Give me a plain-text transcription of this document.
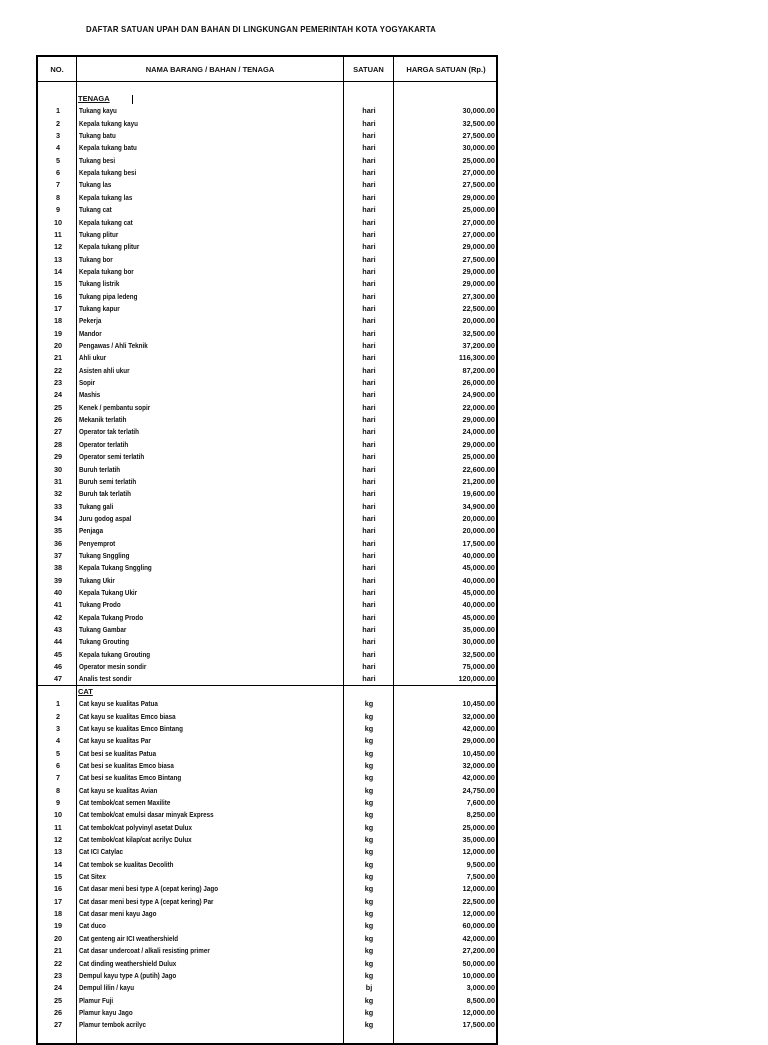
DAFTAR SATUAN UPAH DAN BAHAN DI LINGKUNGAN PEMERINTAH KOTA YOGYAKARTA
NO.	NAMA BARANG / BAHAN / TENAGA	SATUAN	HARGA SATUAN (Rp.)
TENAGA
1	Tukang kayu	hari	30,000.00
2	Kepala tukang kayu	hari	32,500.00
3	Tukang batu	hari	27,500.00
4	Kepala tukang batu	hari	30,000.00
5	Tukang besi	hari	25,000.00
6	Kepala tukang besi	hari	27,000.00
7	Tukang las	hari	27,500.00
8	Kepala tukang las	hari	29,000.00
9	Tukang cat	hari	25,000.00
10	Kepala tukang cat	hari	27,000.00
11	Tukang plitur	hari	27,000.00
12	Kepala tukang plitur	hari	29,000.00
13	Tukang bor	hari	27,500.00
14	Kepala tukang bor	hari	29,000.00
15	Tukang listrik	hari	29,000.00
16	Tukang pipa ledeng	hari	27,300.00
17	Tukang kapur	hari	22,500.00
18	Pekerja	hari	20,000.00
19	Mandor	hari	32,500.00
20	Pengawas / Ahli Teknik	hari	37,200.00
21	Ahli ukur	hari	116,300.00
22	Asisten ahli ukur	hari	87,200.00
23	Sopir	hari	26,000.00
24	Mashis	hari	24,900.00
25	Kenek / pembantu sopir	hari	22,000.00
26	Mekanik terlatih	hari	29,000.00
27	Operator tak terlatih	hari	24,000.00
28	Operator terlatih	hari	29,000.00
29	Operator semi terlatih	hari	25,000.00
30	Buruh terlatih	hari	22,600.00
31	Buruh semi terlatih	hari	21,200.00
32	Buruh tak terlatih	hari	19,600.00
33	Tukang gali	hari	34,900.00
34	Juru godog aspal	hari	20,000.00
35	Penjaga	hari	20,000.00
36	Penyemprot	hari	17,500.00
37	Tukang Snggling	hari	40,000.00
38	Kepala Tukang Snggling	hari	45,000.00
39	Tukang Ukir	hari	40,000.00
40	Kepala Tukang Ukir	hari	45,000.00
41	Tukang Prodo	hari	40,000.00
42	Kepala Tukang Prodo	hari	45,000.00
43	Tukang Gambar	hari	35,000.00
44	Tukang Grouting	hari	30,000.00
45	Kepala tukang Grouting	hari	32,500.00
46	Operator mesin sondir	hari	75,000.00
47	Analis test sondir	hari	120,000.00
CAT
1	Cat kayu se kualitas Patua	kg	10,450.00
2	Cat kayu se kualitas Emco biasa	kg	32,000.00
3	Cat kayu se kualitas Emco Bintang	kg	42,000.00
4	Cat kayu se kualitas Par	kg	29,000.00
5	Cat besi se kualitas Patua	kg	10,450.00
6	Cat besi se kualitas Emco biasa	kg	32,000.00
7	Cat besi se kualitas Emco Bintang	kg	42,000.00
8	Cat kayu se kualitas Avian	kg	24,750.00
9	Cat tembok/cat semen Maxilite	kg	7,600.00
10	Cat tembok/cat emulsi dasar minyak Express	kg	8,250.00
11	Cat tembok/cat polyvinyl asetat Dulux	kg	25,000.00
12	Cat tembok/cat kilap/cat acrilyc Dulux	kg	35,000.00
13	Cat ICI Catylac	kg	12,000.00
14	Cat tembok se kualitas Decolith	kg	9,500.00
15	Cat Sitex	kg	7,500.00
16	Cat dasar meni besi type A (cepat kering) Jago	kg	12,000.00
17	Cat dasar meni besi type A (cepat kering) Par	kg	22,500.00
18	Cat dasar meni kayu Jago	kg	12,000.00
19	Cat duco	kg	60,000.00
20	Cat genteng air ICI weathershield	kg	42,000.00
21	Cat dasar undercoat / alkali resisting primer	kg	27,200.00
22	Cat dinding weathershield Dulux	kg	50,000.00
23	Dempul kayu type A (putih) Jago	kg	10,000.00
24	Dempul lilin / kayu	bj	3,000.00
25	Plamur Fuji	kg	8,500.00
26	Plamur kayu Jago	kg	12,000.00
27	Plamur tembok acrilyc	kg	17,500.00
